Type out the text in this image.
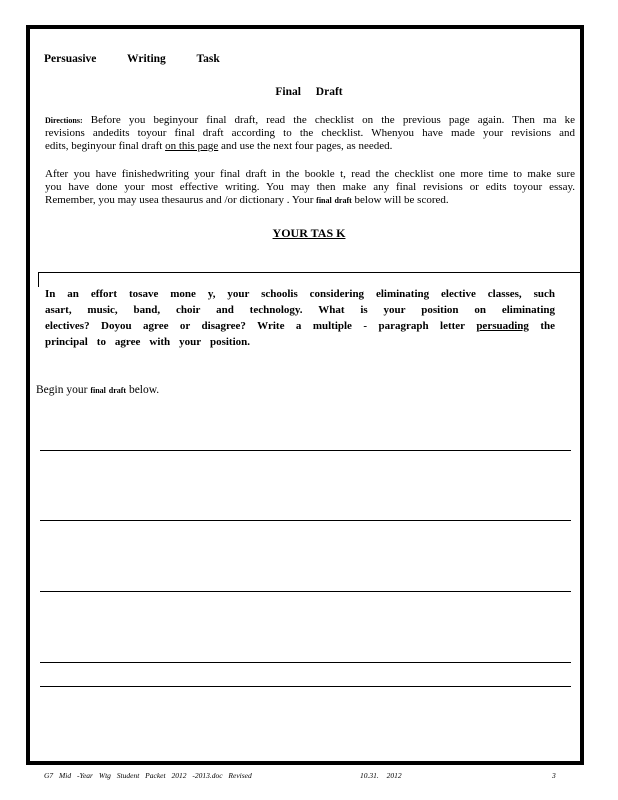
Persuasive Writing Task
Final Draft
Directions: Before you beginyour final draft, read the checklist on the previous page again. Then ma ke
revisions andedits toyour final draft according to the checklist. Whenyou have made your revisions and
edits, beginyour final draft on this page and use the next four pages, as needed.
After you have finishedwriting your final draft in the bookle t, read the checklist one more time to make sure
you have done your most effective writing. You may then make any final revisions or edits toyour essay.
Remember, you may usea thesaurus and /or dictionary . Your final draft below will be scored.
YOUR TAS K
In an effort tosave mone y, your schoolis considering eliminating elective classes, such
asart, music, band, choir and technology. What is your position on eliminating
electives? Doyou agree or disagree? Write a multiple - paragraph letter persuading the
principal to agree with your position.
Begin your final draft below.
G7 Mid -Year Wtg Student Packet 2012 -2013.doc Revised	10.31. 2012	3
